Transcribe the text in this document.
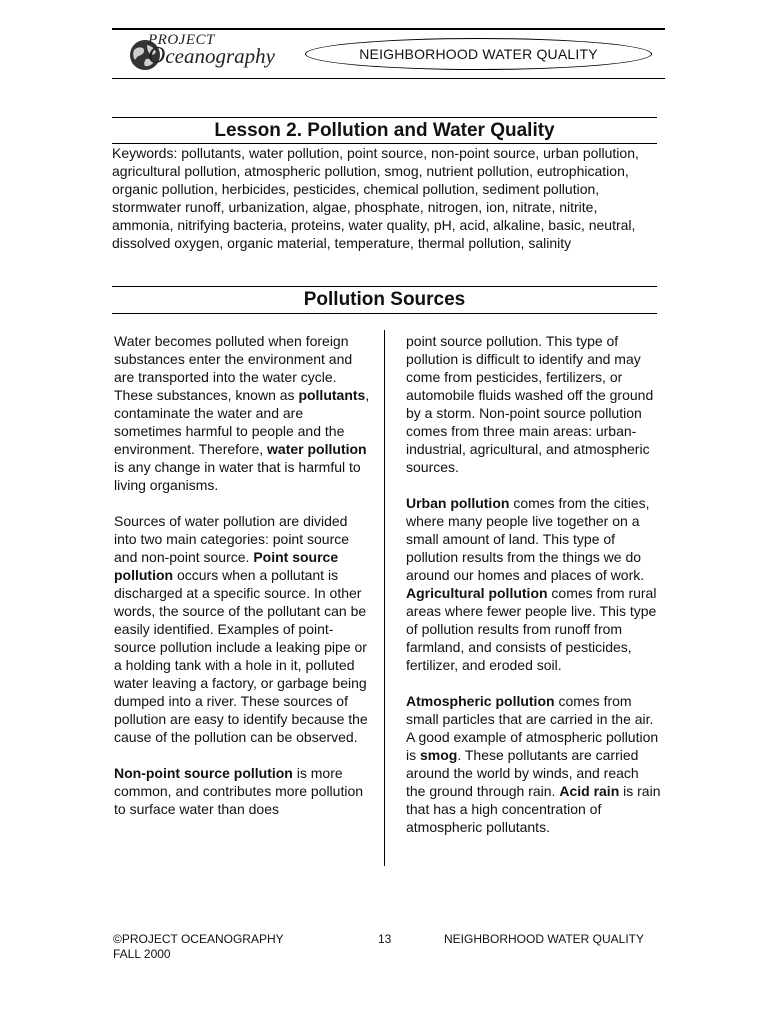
PROJECT
Oceanography	NEIGHBORHOOD WATER QUALITY
Lesson 2. Pollution and Water Quality
Keywords: pollutants, water pollution, point source, non-point source, urban pollution, agricultural pollution, atmospheric pollution, smog, nutrient pollution, eutrophication, organic pollution, herbicides, pesticides, chemical pollution, sediment pollution, stormwater runoff, urbanization, algae, phosphate, nitrogen, ion, nitrate, nitrite, ammonia, nitrifying bacteria, proteins, water quality, pH, acid, alkaline, basic, neutral, dissolved oxygen, organic material, temperature, thermal pollution, salinity
Pollution Sources

Water becomes polluted when foreign substances enter the environment and are transported into the water cycle. These substances, known as pollutants, contaminate the water and are sometimes harmful to people and the environment. Therefore, water pollution is any change in water that is harmful to living organisms.

Sources of water pollution are divided into two main categories: point source and non-point source. Point source pollution occurs when a pollutant is discharged at a specific source. In other words, the source of the pollutant can be easily identified. Examples of point-source pollution include a leaking pipe or a holding tank with a hole in it, polluted water leaving a factory, or garbage being dumped into a river. These sources of pollution are easy to identify because the cause of the pollution can be observed.

Non-point source pollution is more common, and contributes more pollution to surface water than does

point source pollution. This type of pollution is difficult to identify and may come from pesticides, fertilizers, or automobile fluids washed off the ground by a storm. Non-point source pollution comes from three main areas: urban-industrial, agricultural, and atmospheric sources.

Urban pollution comes from the cities, where many people live together on a small amount of land. This type of pollution results from the things we do around our homes and places of work. Agricultural pollution comes from rural areas where fewer people live. This type of pollution results from runoff from farmland, and consists of pesticides, fertilizer, and eroded soil.

Atmospheric pollution comes from small particles that are carried in the air. A good example of atmospheric pollution is smog. These pollutants are carried around the world by winds, and reach the ground through rain. Acid rain is rain that has a high concentration of atmospheric pollutants.

©PROJECT OCEANOGRAPHY
FALL 2000
13	NEIGHBORHOOD WATER QUALITY
